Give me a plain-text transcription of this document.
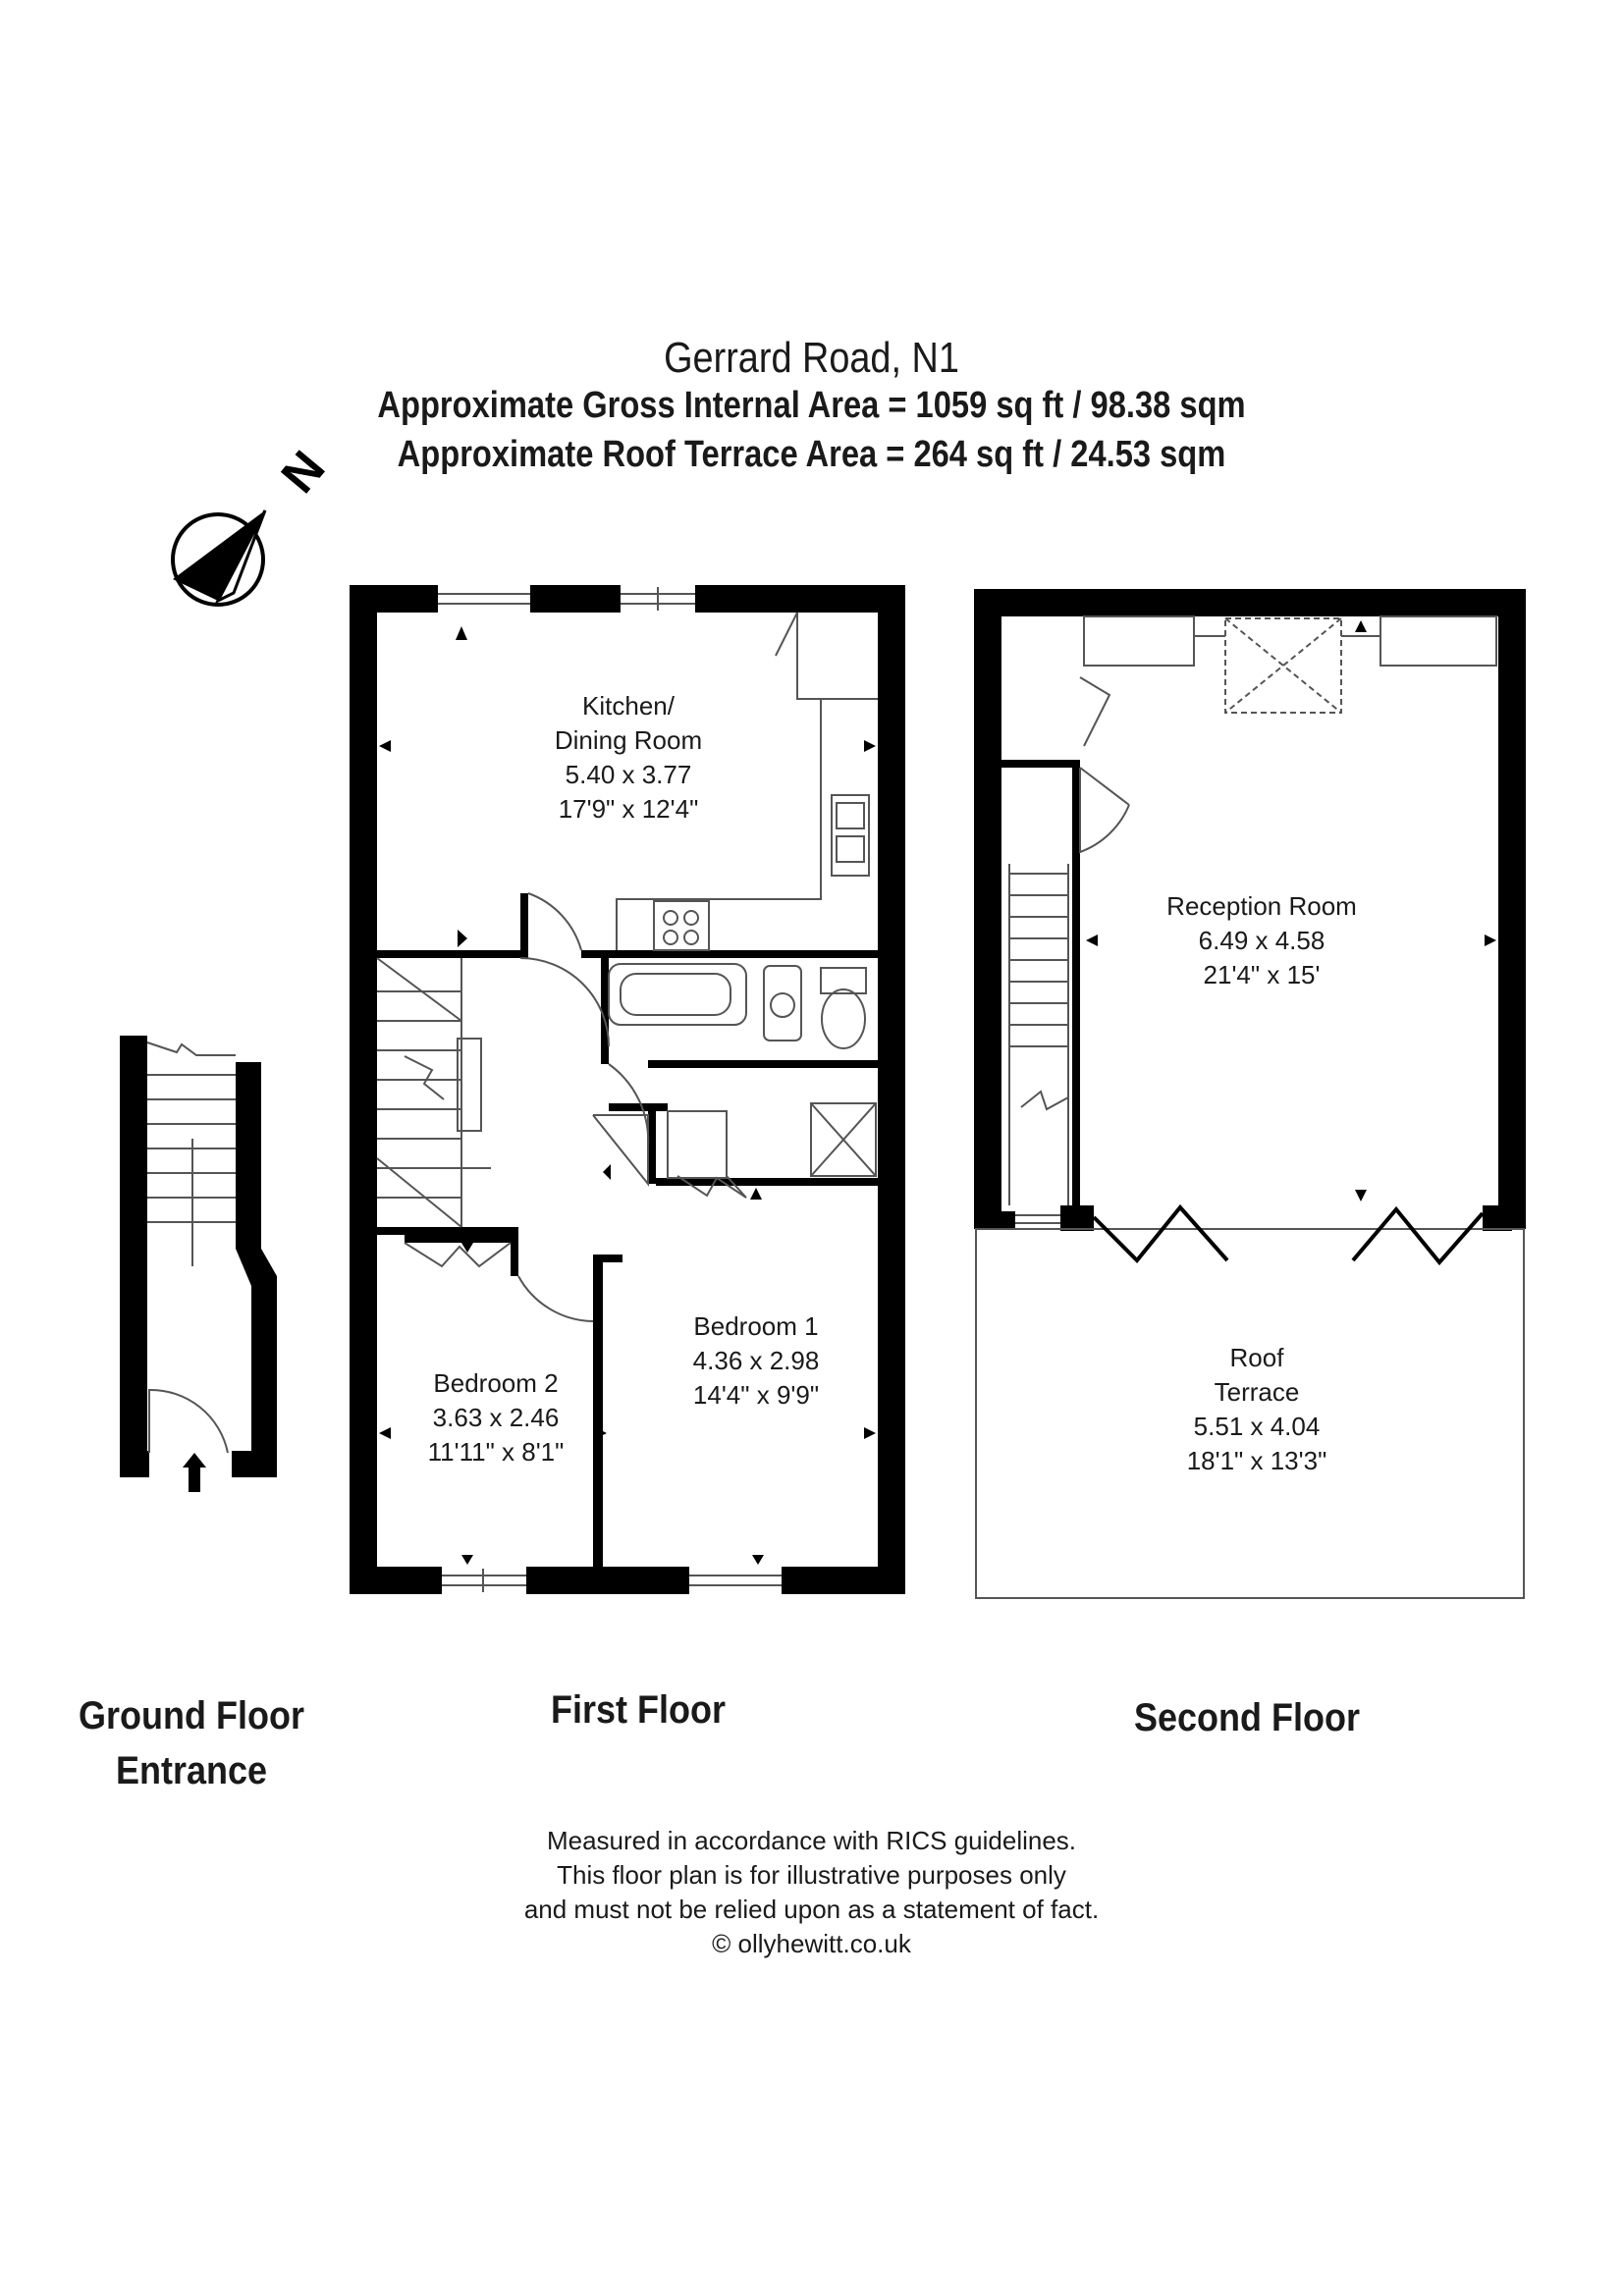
Gerrard Road, N1
Approximate Gross Internal Area = 1059 sq ft / 98.38 sqm
Approximate Roof Terrace Area = 264 sq ft / 24.53 sqm
N
Kitchen/
Dining Room
5.40 x 3.77
17'9" x 12'4"
Bedroom 1
4.36 x 2.98
14'4" x 9'9"
Bedroom 2
3.63 x 2.46
11'11" x 8'1"
Reception Room
6.49 x 4.58
21'4" x 15'
Roof
Terrace
5.51 x 4.04
18'1" x 13'3"
Ground Floor
Entrance
First Floor	Second Floor
Measured in accordance with RICS guidelines.
This floor plan is for illustrative purposes only
and must not be relied upon as a statement of fact.
© ollyhewitt.co.uk
